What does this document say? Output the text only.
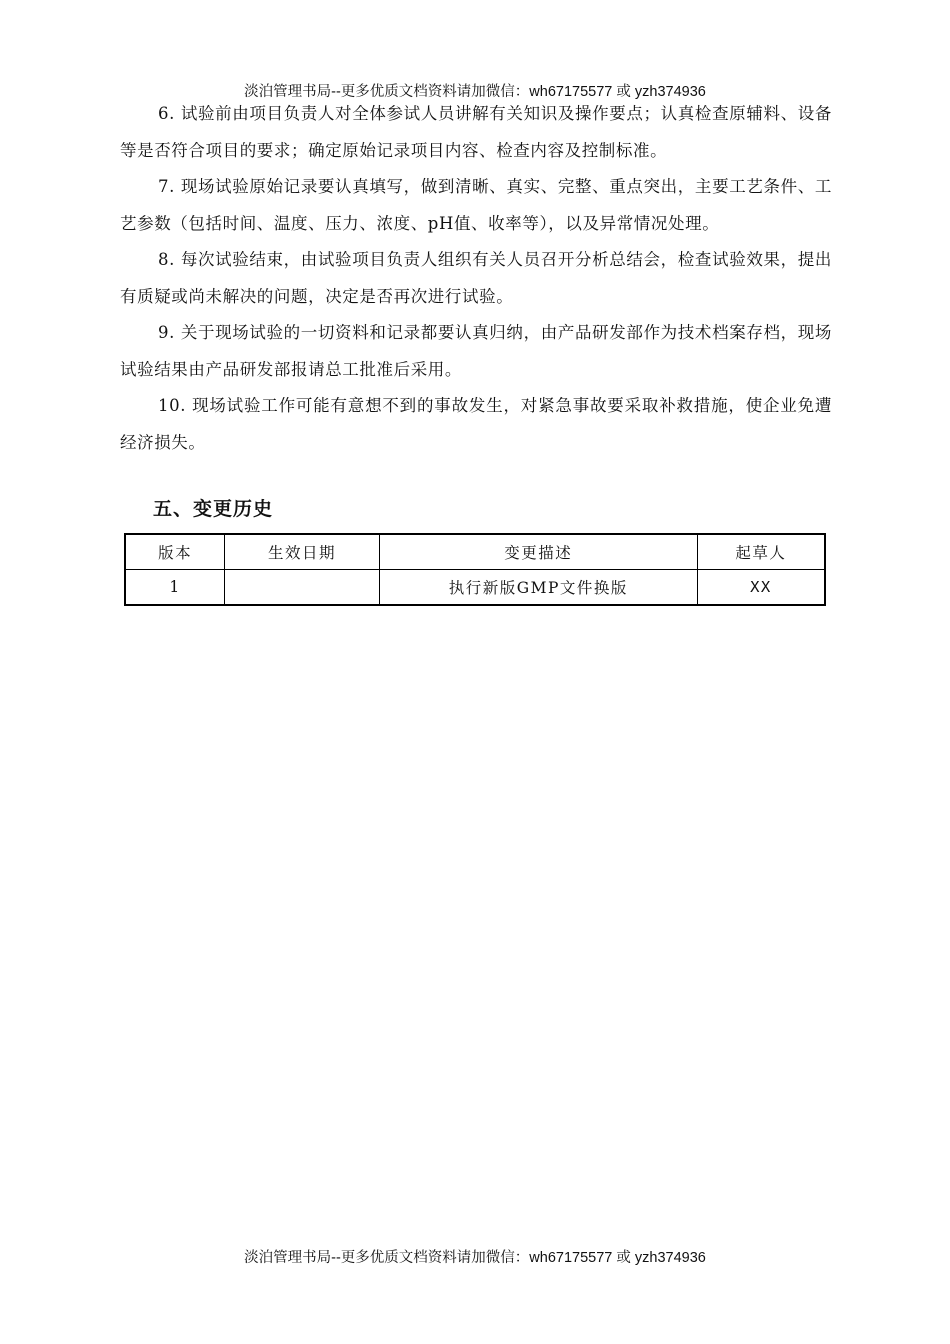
淡泊管理书局--更多优质文档资料请加微信：wh67175577 或 yzh374936

6. 试验前由项目负责人对全体参试人员讲解有关知识及操作要点；认真检查原辅料、设备等是否符合项目的要求；确定原始记录项目内容、检查内容及控制标准。

7. 现场试验原始记录要认真填写，做到清晰、真实、完整、重点突出，主要工艺条件、工艺参数（包括时间、温度、压力、浓度、pH值、收率等），以及异常情况处理。

8. 每次试验结束，由试验项目负责人组织有关人员召开分析总结会，检查试验效果，提出有质疑或尚未解决的问题，决定是否再次进行试验。

9. 关于现场试验的一切资料和记录都要认真归纳，由产品研发部作为技术档案存档，现场试验结果由产品研发部报请总工批准后采用。

10. 现场试验工作可能有意想不到的事故发生，对紧急事故要采取补救措施，使企业免遭经济损失。

五、变更历史
版本	生效日期	变更描述	起草人
1		执行新版GMP文件换版	XX
淡泊管理书局--更多优质文档资料请加微信：wh67175577 或 yzh374936
